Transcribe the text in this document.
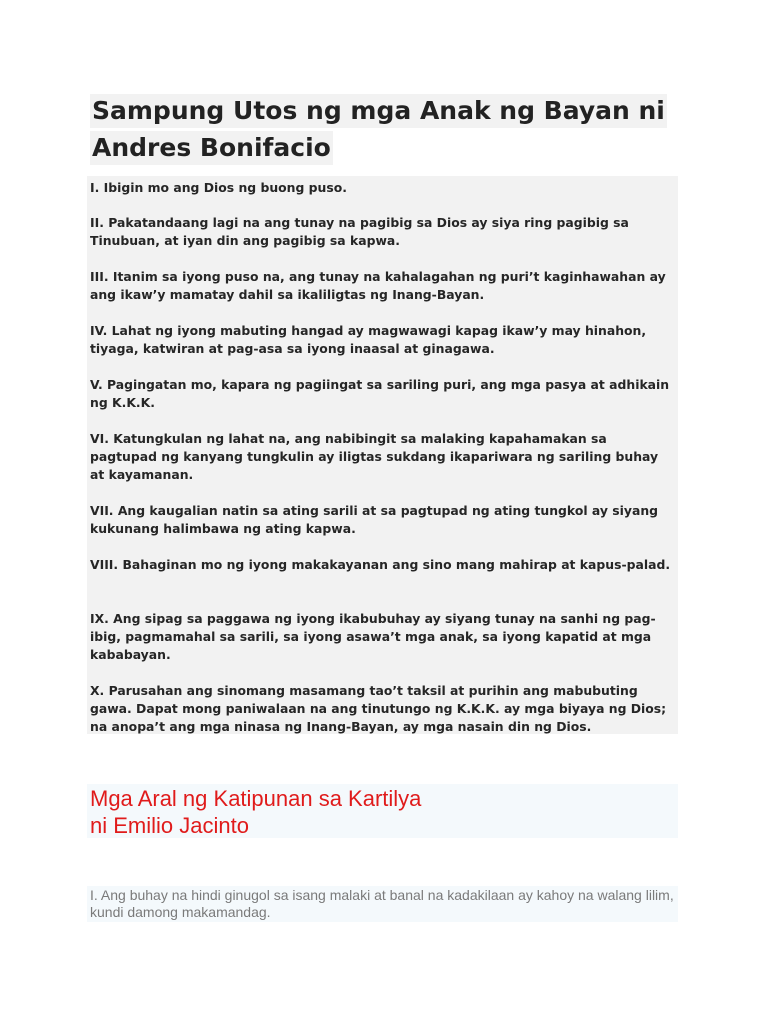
Sampung Utos ng mga Anak ng Bayan ni
Andres Bonifacio

I. Ibigin mo ang Dios ng buong puso.

II. Pakatandaang lagi na ang tunay na pagibig sa Dios ay siya ring pagibig sa Tinubuan, at iyan din ang pagibig sa kapwa.

III. Itanim sa iyong puso na, ang tunay na kahalagahan ng puri’t kaginhawahan ay ang ikaw’y mamatay dahil sa ikaliligtas ng Inang-Bayan.

IV. Lahat ng iyong mabuting hangad ay magwawagi kapag ikaw’y may hinahon, tiyaga, katwiran at pag-asa sa iyong inaasal at ginagawa.

V. Pagingatan mo, kapara ng pagiingat sa sariling puri, ang mga pasya at adhikain ng K.K.K.

VI. Katungkulan ng lahat na, ang nabibingit sa malaking kapahamakan sa pagtupad ng kanyang tungkulin ay iligtas sukdang ikapariwara ng sariling buhay at kayamanan.

VII. Ang kaugalian natin sa ating sarili at sa pagtupad ng ating tungkol ay siyang kukunang halimbawa ng ating kapwa.

VIII. Bahaginan mo ng iyong makakayanan ang sino mang mahirap at kapus-palad.

IX. Ang sipag sa paggawa ng iyong ikabubuhay ay siyang tunay na sanhi ng pag-ibig, pagmamahal sa sarili, sa iyong asawa’t mga anak, sa iyong kapatid at mga kababayan.

X. Parusahan ang sinomang masamang tao’t taksil at purihin ang mabubuting gawa. Dapat mong paniwalaan na ang tinutungo ng K.K.K. ay mga biyaya ng Dios; na anopa’t ang mga ninasa ng Inang-Bayan, ay mga nasain din ng Dios.

Mga Aral ng Katipunan sa Kartilya
ni Emilio Jacinto

I. Ang buhay na hindi ginugol sa isang malaki at banal na kadakilaan ay kahoy na walang lilim, kundi damong makamandag.
